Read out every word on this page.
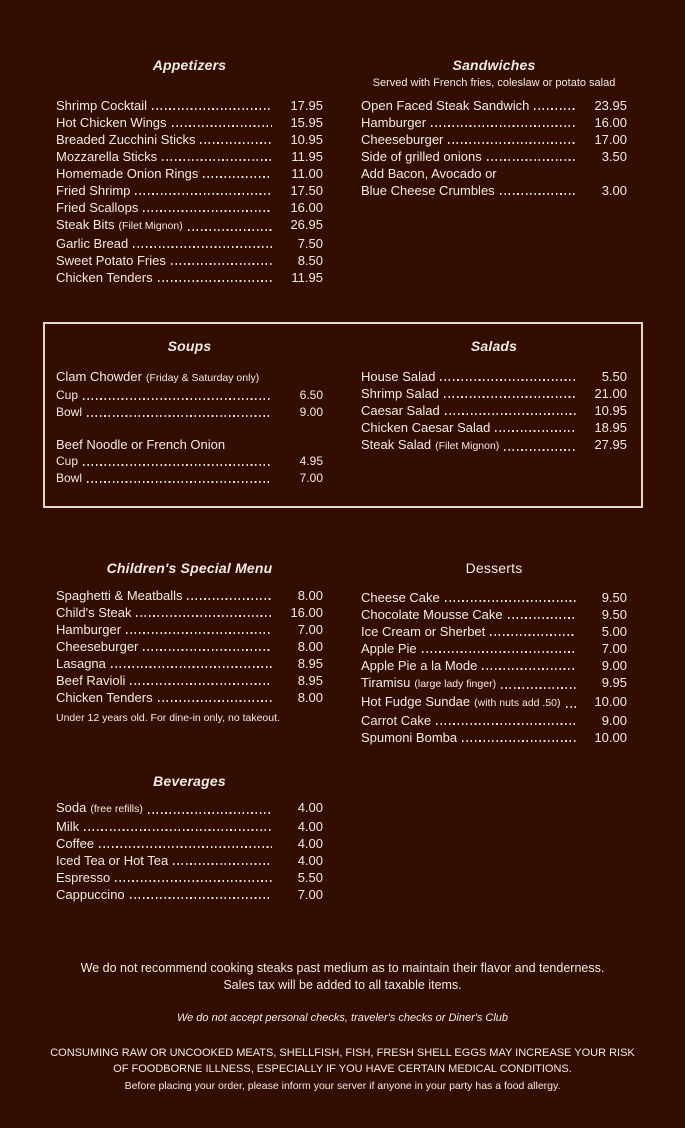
Appetizers
Shrimp Cocktail	17.95
Hot Chicken Wings	15.95
Breaded Zucchini Sticks	10.95
Mozzarella Sticks	11.95
Homemade Onion Rings	11.00
Fried Shrimp	17.50
Fried Scallops	16.00
Steak Bits (Filet Mignon)	26.95
Garlic Bread	7.50
Sweet Potato Fries	8.50
Chicken Tenders	11.95
Sandwiches
Served with French fries, coleslaw or potato salad
Open Faced Steak Sandwich	23.95
Hamburger	16.00
Cheeseburger	17.00
Side of grilled onions	3.50
Add Bacon, Avocado or
Blue Cheese Crumbles	3.00
Soups
Clam Chowder (Friday & Saturday only)
Cup	6.50
Bowl	9.00
Beef Noodle or French Onion
Cup	4.95
Bowl	7.00
Salads
House Salad	5.50
Shrimp Salad	21.00
Caesar Salad	10.95
Chicken Caesar Salad	18.95
Steak Salad (Filet Mignon)	27.95
Children's Special Menu
Spaghetti & Meatballs	8.00
Child's Steak	16.00
Hamburger	7.00
Cheeseburger	8.00
Lasagna	8.95
Beef Ravioli	8.95
Chicken Tenders	8.00
Under 12 years old. For dine-in only, no takeout.
Desserts
Cheese Cake	9.50
Chocolate Mousse Cake	9.50
Ice Cream or Sherbet	5.00
Apple Pie	7.00
Apple Pie a la Mode	9.00
Tiramisu (large lady finger)	9.95
Hot Fudge Sundae (with nuts add .50)	10.00
Carrot Cake	9.00
Spumoni Bomba	10.00
Beverages
Soda (free refills)	4.00
Milk	4.00
Coffee	4.00
Iced Tea or Hot Tea	4.00
Espresso	5.50
Cappuccino	7.00
We do not recommend cooking steaks past medium as to maintain their flavor and tenderness.
Sales tax will be added to all taxable items.
We do not accept personal checks, traveler's checks or Diner's Club
CONSUMING RAW OR UNCOOKED MEATS, SHELLFISH, FISH, FRESH SHELL EGGS MAY INCREASE YOUR RISK
OF FOODBORNE ILLNESS, ESPECIALLY IF YOU HAVE CERTAIN MEDICAL CONDITIONS.
Before placing your order, please inform your server if anyone in your party has a food allergy.
